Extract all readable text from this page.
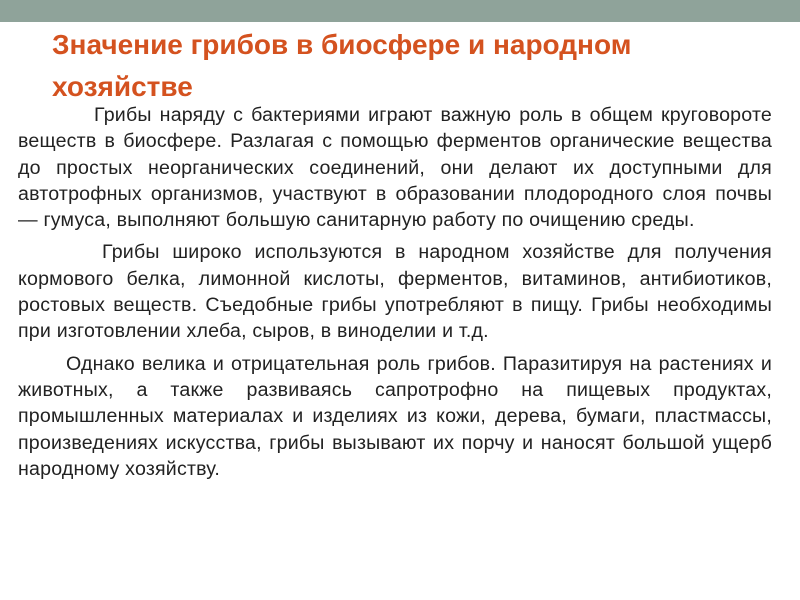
Значение грибов в биосфере и народном хозяйстве

Грибы наряду с бактериями играют важную роль в общем круговороте веществ в биосфере. Разлагая с помощью ферментов органические вещества до простых неорганических соединений, они делают их доступными для автотрофных организмов, участвуют в образовании плодородного слоя почвы — гумуса, выполняют большую санитарную работу по очищению среды.

Грибы широко используются в народном хозяйстве для получения кормового белка, лимонной кислоты, ферментов, витаминов, антибиотиков, ростовых веществ. Съедобные грибы употребляют в пищу. Грибы необходимы при изготовлении хлеба, сыров, в виноделии и т.д.

Однако велика и отрицательная роль грибов. Паразитируя на растениях и животных, а также развиваясь сапротрофно на пищевых продуктах, промышленных материалах и изделиях из кожи, дерева, бумаги, пластмассы, произведениях искусства, грибы вызывают их порчу и наносят большой ущерб народному хозяйству.
